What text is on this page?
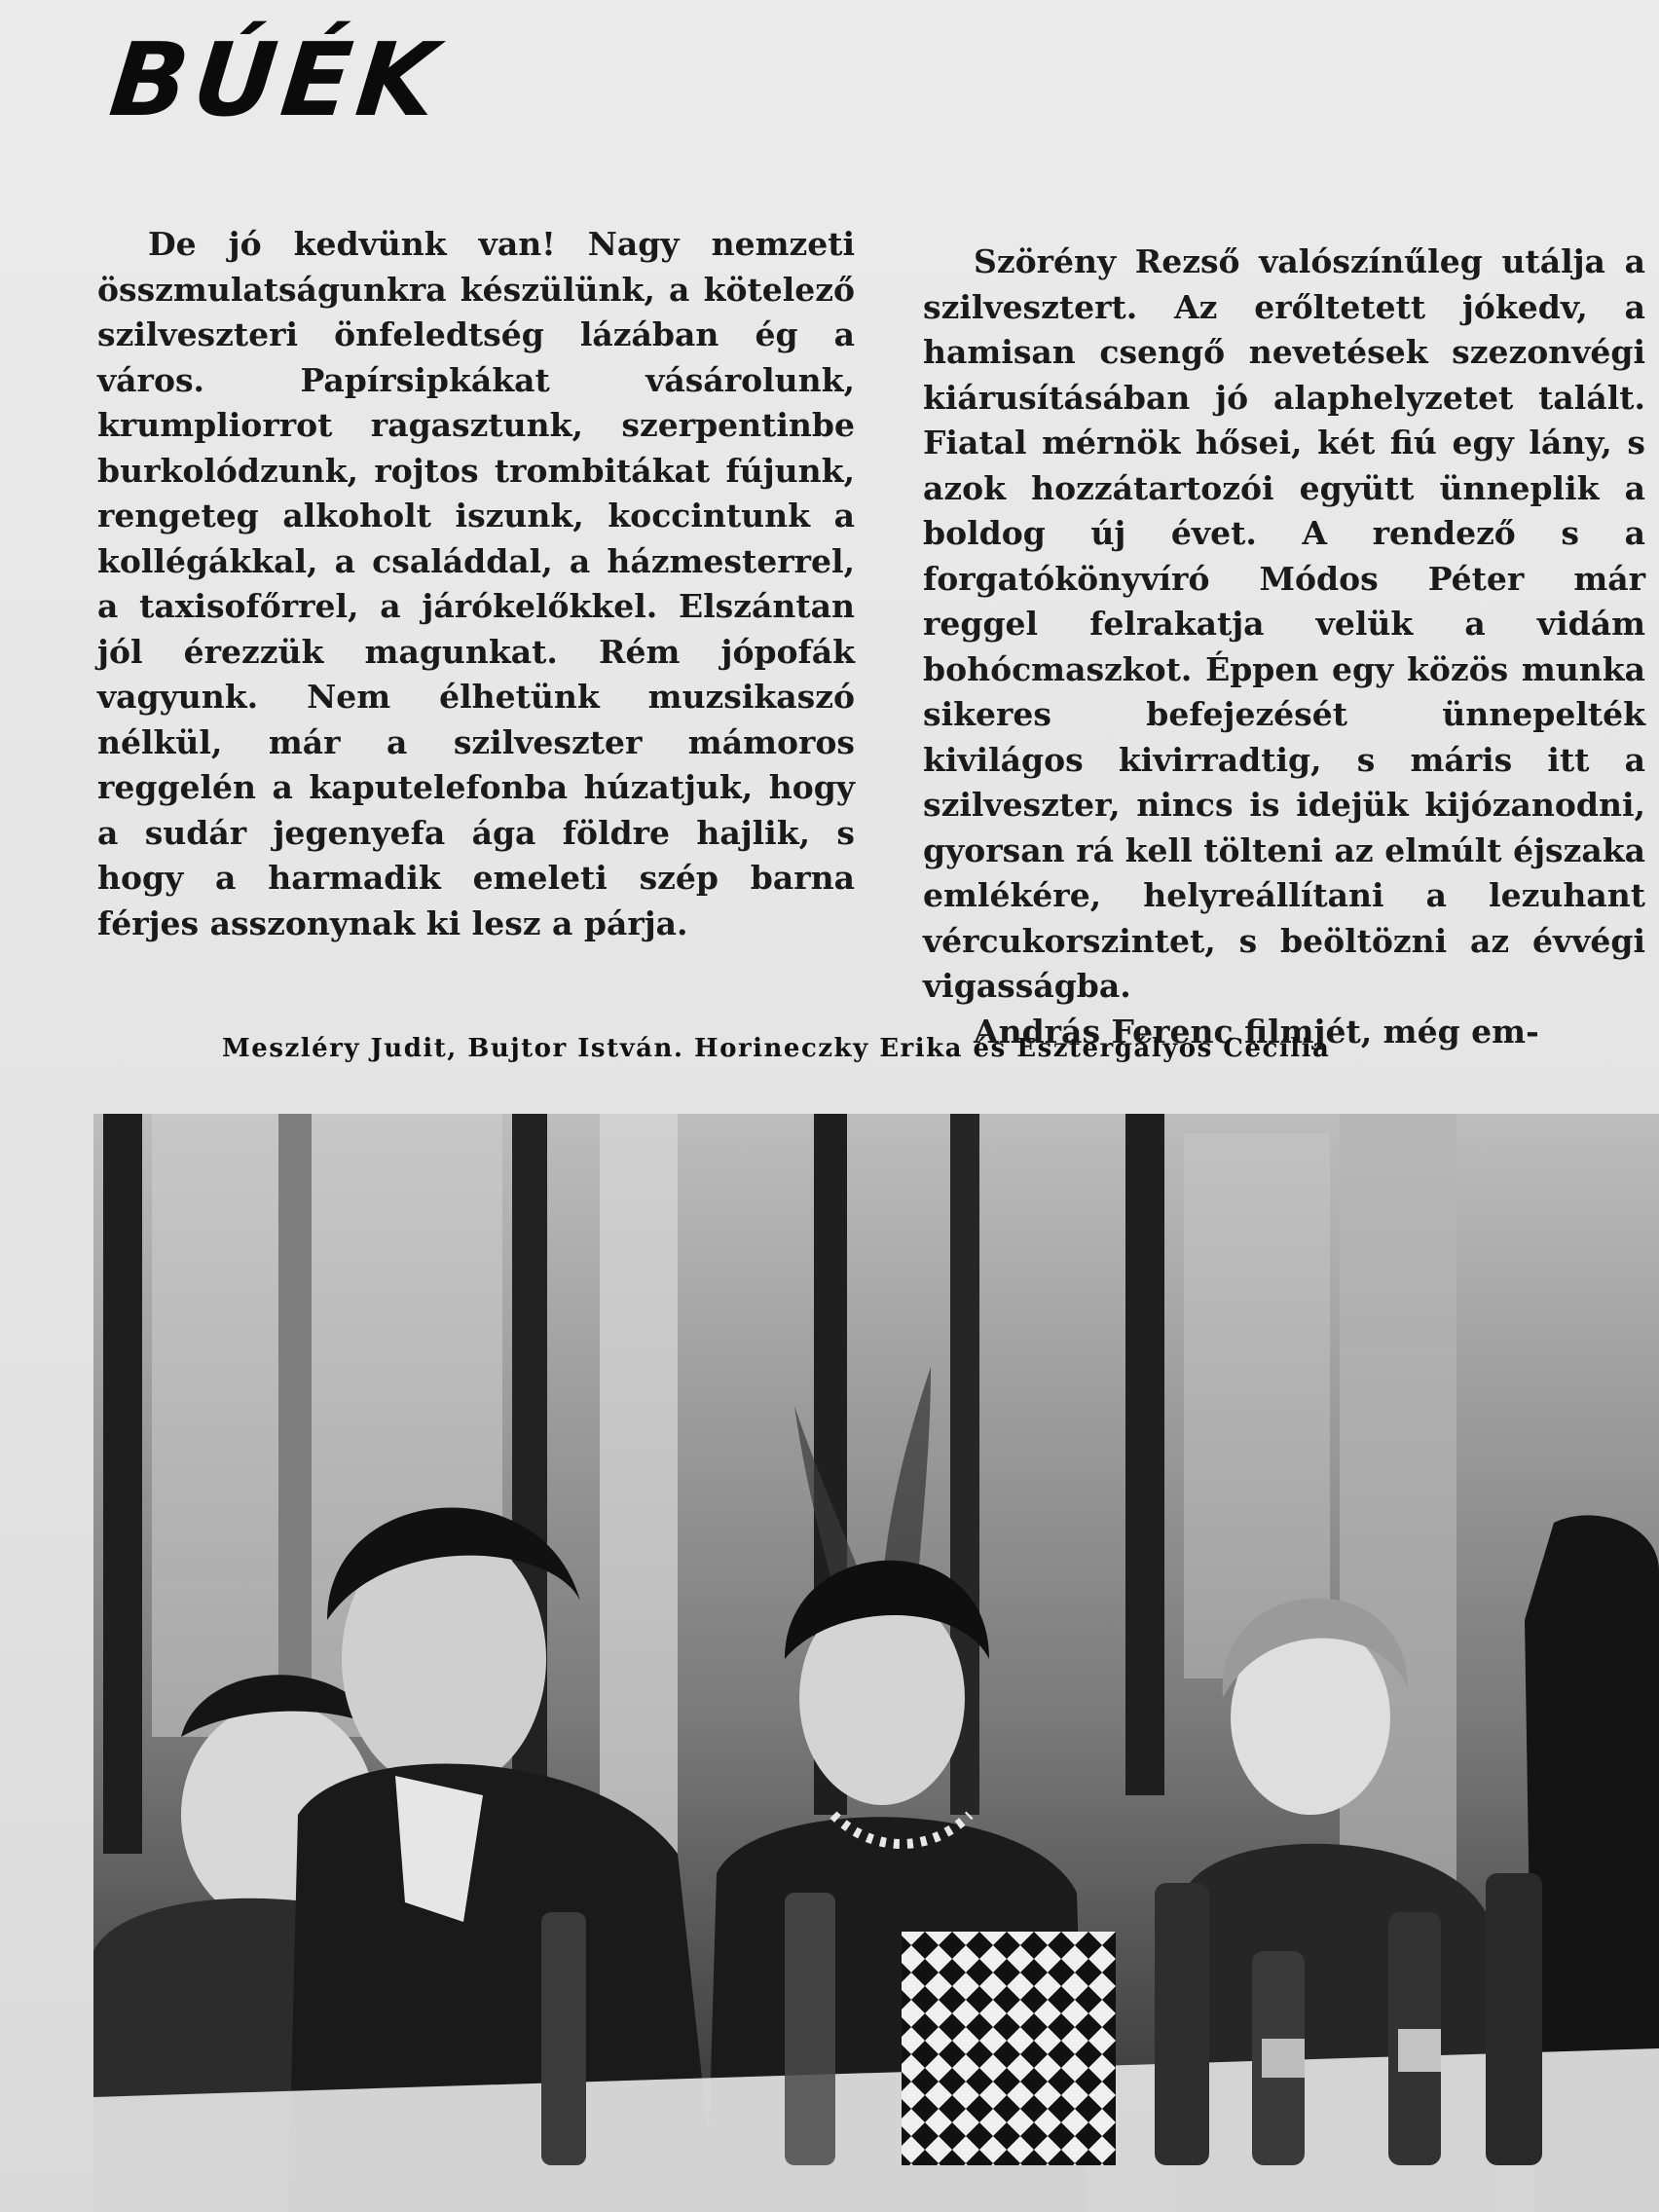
BÚÉK

De jó kedvünk van! Nagy nemzeti összmulatságunkra készülünk, a kötelező szilveszteri önfeledtség lázában ég a város. Papírsipkákat vásárolunk, krumpliorrot ragasztunk, szerpentinbe burkolódzunk, rojtos trombitákat fújunk, rengeteg alkoholt iszunk, koccintunk a kollégákkal, a családdal, a házmesterrel, a taxisofőrrel, a járókelőkkel. Elszántan jól érezzük magunkat. Rém jópofák vagyunk. Nem élhetünk muzsikaszó nélkül, már a szilveszter mámoros reggelén a kaputelefonba húzatjuk, hogy a sudár jegenyefa ága földre hajlik, s hogy a harmadik emeleti szép barna férjes asszonynak ki lesz a párja.

Szörény Rezső valószínűleg utálja a szilvesztert. Az erőltetett jókedv, a hamisan csengő nevetések szezonvégi kiárusításában jó alaphelyzetet talált. Fiatal mérnök hősei, két fiú egy lány, s azok hozzátartozói együtt ünneplik a boldog új évet. A rendező s a forgatókönyvíró Módos Péter már reggel felrakatja velük a vidám bohócmaszkot. Éppen egy közös munka sikeres befejezését ünnepelték kivilágos kivirradtig, s máris itt a szilveszter, nincs is idejük kijózanodni, gyorsan rá kell tölteni az elmúlt éjszaka emlékére, helyreállítani a lezuhant vércukorszintet, s beöltözni az évvégi vigasságba.

András Ferenc filmjét, még em-

Meszléry Judit, Bujtor István. Horineczky Erika és Esztergályos Cecília
